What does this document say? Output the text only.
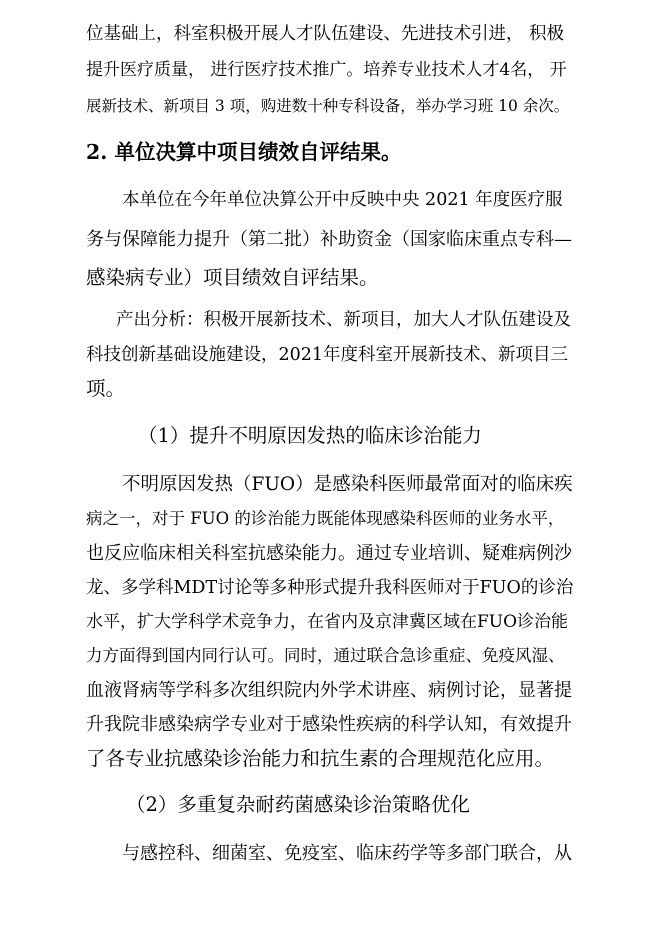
位基础上，科室积极开展人才队伍建设、先进技术引进， 积极

提升医疗质量， 进行医疗技术推广。培养专业技术人才4名， 开

展新技术、新项目 3 项，购进数十种专科设备，举办学习班 10 余次。

2. 单位决算中项目绩效自评结果。

本单位在今年单位决算公开中反映中央 2021 年度医疗服

务与保障能力提升（第二批）补助资金（国家临床重点专科—

感染病专业）项目绩效自评结果。

产出分析：积极开展新技术、新项目，加大人才队伍建设及

科技创新基础设施建设，2021年度科室开展新技术、新项目三

项。

（1）提升不明原因发热的临床诊治能力

不明原因发热（FUO）是感染科医师最常面对的临床疾

病之一，对于 FUO 的诊治能力既能体现感染科医师的业务水平，

也反应临床相关科室抗感染能力。通过专业培训、疑难病例沙

龙、多学科MDT讨论等多种形式提升我科医师对于FUO的诊治

水平，扩大学科学术竞争力，在省内及京津冀区域在FUO诊治能

力方面得到国内同行认可。同时，通过联合急诊重症、免疫风湿、

血液肾病等学科多次组织院内外学术讲座、病例讨论，显著提

升我院非感染病学专业对于感染性疾病的科学认知，有效提升

了各专业抗感染诊治能力和抗生素的合理规范化应用。

（2）多重复杂耐药菌感染诊治策略优化

与感控科、细菌室、免疫室、临床药学等多部门联合，从
